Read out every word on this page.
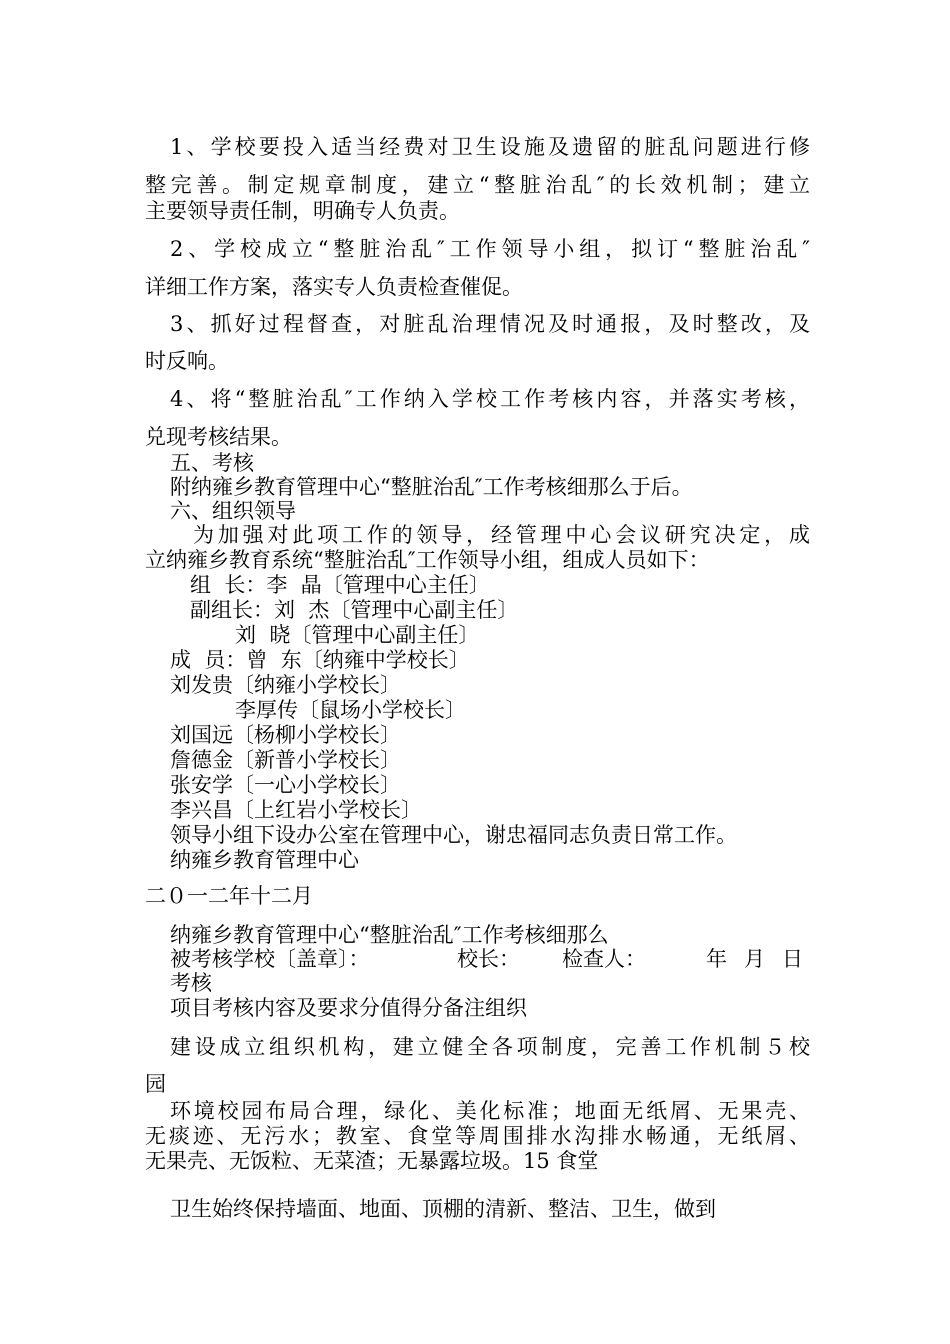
1、学校要投入适当经费对卫生设施及遗留的脏乱问题进行修

整完善。制定规章制度，建立“整脏治乱″的长效机制；建立

主要领导责任制，明确专人负责。

2、学校成立“整脏治乱″工作领导小组，拟订“整脏治乱″

详细工作方案，落实专人负责检查催促。

3、抓好过程督查，对脏乱治理情况及时通报，及时整改，及

时反响。

4、将“整脏治乱″工作纳入学校工作考核内容，并落实考核，

兑现考核结果。

五、考核

附纳雍乡教育管理中心“整脏治乱″工作考核细那么于后。

六、组织领导

为加强对此项工作的领导，经管理中心会议研究决定，成

立纳雍乡教育系统“整脏治乱″工作领导小组，组成人员如下：

组  长：李  晶〔管理中心主任〕

副组长：刘  杰〔管理中心副主任〕

刘  晓〔管理中心副主任〕

成  员：曾  东〔纳雍中学校长〕

刘发贵〔纳雍小学校长〕

李厚传〔鼠场小学校长〕

刘国远〔杨柳小学校长〕

詹德金〔新普小学校长〕

张安学〔一心小学校长〕

李兴昌〔上红岩小学校长〕

领导小组下设办公室在管理中心，谢忠福同志负责日常工作。

纳雍乡教育管理中心

二０一二年十二月

纳雍乡教育管理中心“整脏治乱″工作考核细那么

被考核学校〔盖章〕：	校长： 检查人：	年 月 日

考核

项目考核内容及要求分值得分备注组织

建设成立组织机构，建立健全各项制度，完善工作机制５校

园

环境校园布局合理，绿化、美化标准；地面无纸屑、无果壳、

无痰迹、无污水；教室、食堂等周围排水沟排水畅通，无纸屑、

无果壳、无饭粒、无菜渣；无暴露垃圾。15 食堂

卫生始终保持墙面、地面、顶棚的清新、整洁、卫生，做到
